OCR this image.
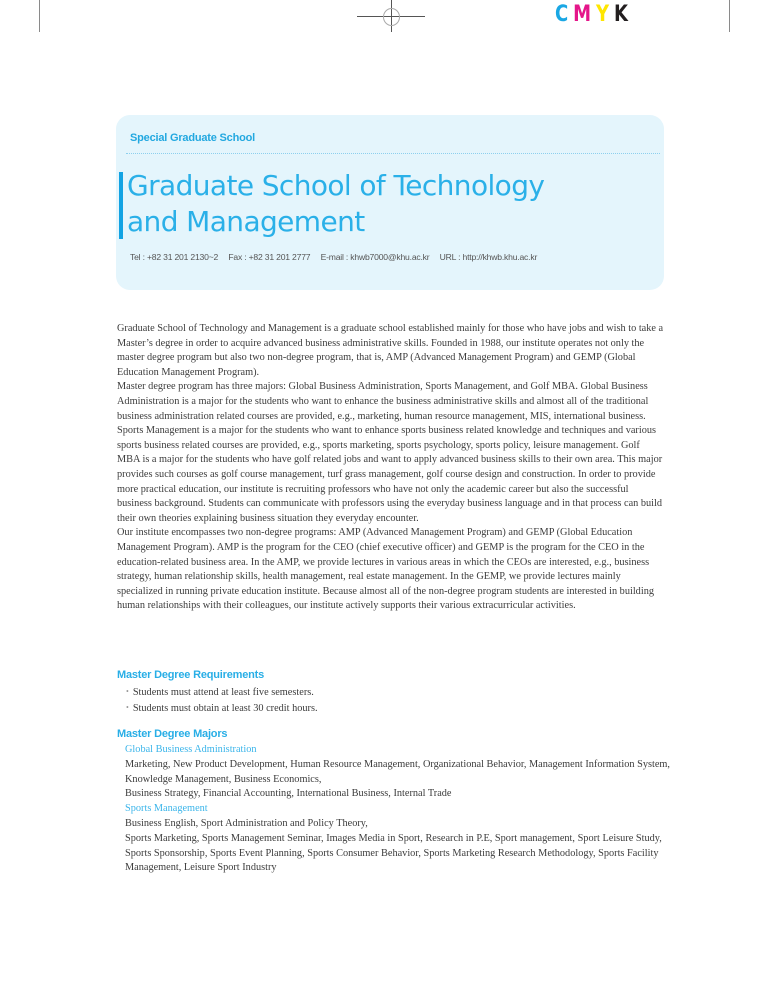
CMYK
Special Graduate School
Graduate School of Technology
and Management
Tel : +82 31 201 2130~2 Fax : +82 31 201 2777 E-mail : khwb7000@khu.ac.kr URL : http://khwb.khu.ac.kr

Graduate School of Technology and Management is a graduate school established mainly for those who have jobs and wish to take a Master’s degree in order to acquire advanced business administrative skills. Founded in 1988, our institute operates not only the master degree program but also two non-degree program, that is, AMP (Advanced Management Program) and GEMP (Global Education Management Program).

Master degree program has three majors: Global Business Administration, Sports Management, and Golf MBA. Global Business Administration is a major for the students who want to enhance the business administrative skills and almost all of the traditional business administration related courses are provided, e.g., marketing, human resource management, MIS, international business. Sports Management is a major for the students who want to enhance sports business related knowledge and techniques and various sports business related courses are provided, e.g., sports marketing, sports psychology, sports policy, leisure management. Golf MBA is a major for the students who have golf related jobs and want to apply advanced business skills to their own area. This major provides such courses as golf course management, turf grass management, golf course design and construction. In order to provide more practical education, our institute is recruiting professors who have not only the academic career but also the successful business background. Students can communicate with professors using the everyday business language and in that process can build their own theories explaining business situation they everyday encounter.

Our institute encompasses two non-degree programs: AMP (Advanced Management Program) and GEMP (Global Education Management Program). AMP is the program for the CEO (chief executive officer) and GEMP is the program for the CEO in the education-related business area. In the AMP, we provide lectures in various areas in which the CEOs are interested, e.g., business strategy, human relationship skills, health management, real estate management. In the GEMP, we provide lectures mainly specialized in running private education institute. Because almost all of the non-degree program students are interested in building human relationships with their colleagues, our institute actively supports their various extracurricular activities.

Master Degree Requirements
• Students must attend at least five semesters.
• Students must obtain at least 30 credit hours.
Master Degree Majors
Global Business Administration
Marketing, New Product Development, Human Resource Management, Organizational Behavior, Management Information System, Knowledge Management, Business Economics,
Business Strategy, Financial Accounting, International Business, Internal Trade
Sports Management
Business English, Sport Administration and Policy Theory,
Sports Marketing, Sports Management Seminar, Images Media in Sport, Research in P.E, Sport management, Sport Leisure Study, Sports Sponsorship, Sports Event Planning, Sports Consumer Behavior, Sports Marketing Research Methodology, Sports Facility Management, Leisure Sport Industry
